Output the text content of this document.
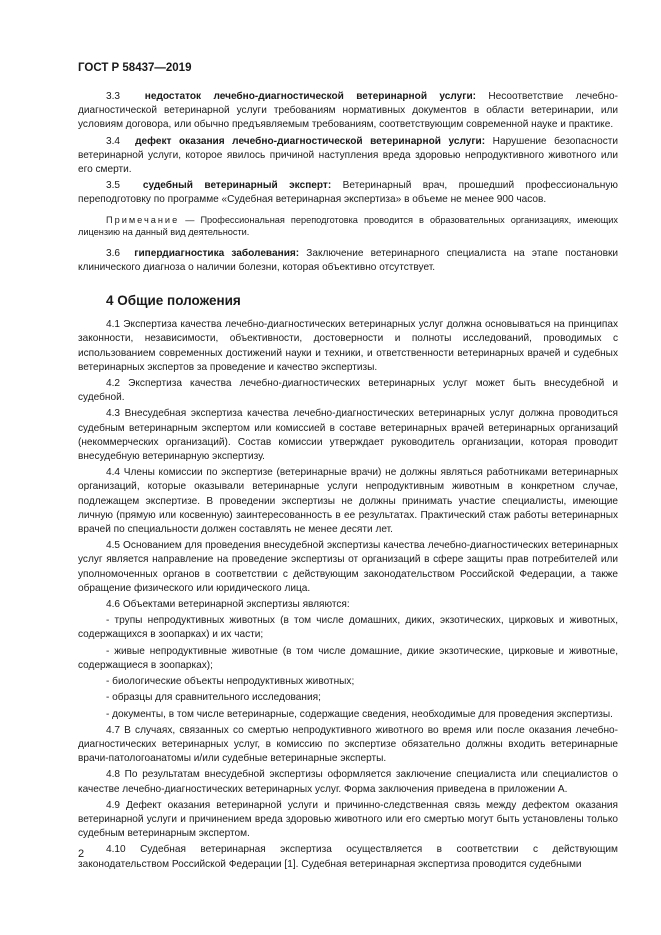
ГОСТ Р 58437—2019

3.3 недостаток лечебно-диагностической ветеринарной услуги: Несоответствие лечебно-диагностической ветеринарной услуги требованиям нормативных документов в области ветеринарии, или условиям договора, или обычно предъявляемым требованиям, соответствующим современной науке и практике.

3.4 дефект оказания лечебно-диагностической ветеринарной услуги: Нарушение безопасности ветеринарной услуги, которое явилось причиной наступления вреда здоровью непродуктивного животного или его смерти.

3.5 судебный ветеринарный эксперт: Ветеринарный врач, прошедший профессиональную переподготовку по программе «Судебная ветеринарная экспертиза» в объеме не менее 900 часов.

Примечание — Профессиональная переподготовка проводится в образовательных организациях, имеющих лицензию на данный вид деятельности.

3.6 гипердиагностика заболевания: Заключение ветеринарного специалиста на этапе постановки клинического диагноза о наличии болезни, которая объективно отсутствует.

4 Общие положения

4.1 Экспертиза качества лечебно-диагностических ветеринарных услуг должна основываться на принципах законности, независимости, объективности, достоверности и полноты исследований, проводимых с использованием современных достижений науки и техники, и ответственности ветеринарных врачей и судебных ветеринарных экспертов за проведение и качество экспертизы.

4.2 Экспертиза качества лечебно-диагностических ветеринарных услуг может быть внесудебной и судебной.

4.3 Внесудебная экспертиза качества лечебно-диагностических ветеринарных услуг должна проводиться судебным ветеринарным экспертом или комиссией в составе ветеринарных врачей ветеринарных организаций (некоммерческих организаций). Состав комиссии утверждает руководитель организации, которая проводит внесудебную ветеринарную экспертизу.

4.4 Члены комиссии по экспертизе (ветеринарные врачи) не должны являться работниками ветеринарных организаций, которые оказывали ветеринарные услуги непродуктивным животным в конкретном случае, подлежащем экспертизе. В проведении экспертизы не должны принимать участие специалисты, имеющие личную (прямую или косвенную) заинтересованность в ее результатах. Практический стаж работы ветеринарных врачей по специальности должен составлять не менее десяти лет.

4.5 Основанием для проведения внесудебной экспертизы качества лечебно-диагностических ветеринарных услуг является направление на проведение экспертизы от организаций в сфере защиты прав потребителей или уполномоченных органов в соответствии с действующим законодательством Российской Федерации, а также обращение физического или юридического лица.

4.6 Объектами ветеринарной экспертизы являются:

- трупы непродуктивных животных (в том числе домашних, диких, экзотических, цирковых и животных, содержащихся в зоопарках) и их части;

- живые непродуктивные животные (в том числе домашние, дикие экзотические, цирковые и животные, содержащиеся в зоопарках);

- биологические объекты непродуктивных животных;

- образцы для сравнительного исследования;

- документы, в том числе ветеринарные, содержащие сведения, необходимые для проведения экспертизы.

4.7 В случаях, связанных со смертью непродуктивного животного во время или после оказания лечебно-диагностических ветеринарных услуг, в комиссию по экспертизе обязательно должны входить ветеринарные врачи-патологоанатомы и/или судебные ветеринарные эксперты.

4.8 По результатам внесудебной экспертизы оформляется заключение специалиста или специалистов о качестве лечебно-диагностических ветеринарных услуг. Форма заключения приведена в приложении А.

4.9 Дефект оказания ветеринарной услуги и причинно-следственная связь между дефектом оказания ветеринарной услуги и причинением вреда здоровью животного или его смертью могут быть установлены только судебным ветеринарным экспертом.

4.10 Судебная ветеринарная экспертиза осуществляется в соответствии с действующим законодательством Российской Федерации [1]. Судебная ветеринарная экспертиза проводится судебными

2
